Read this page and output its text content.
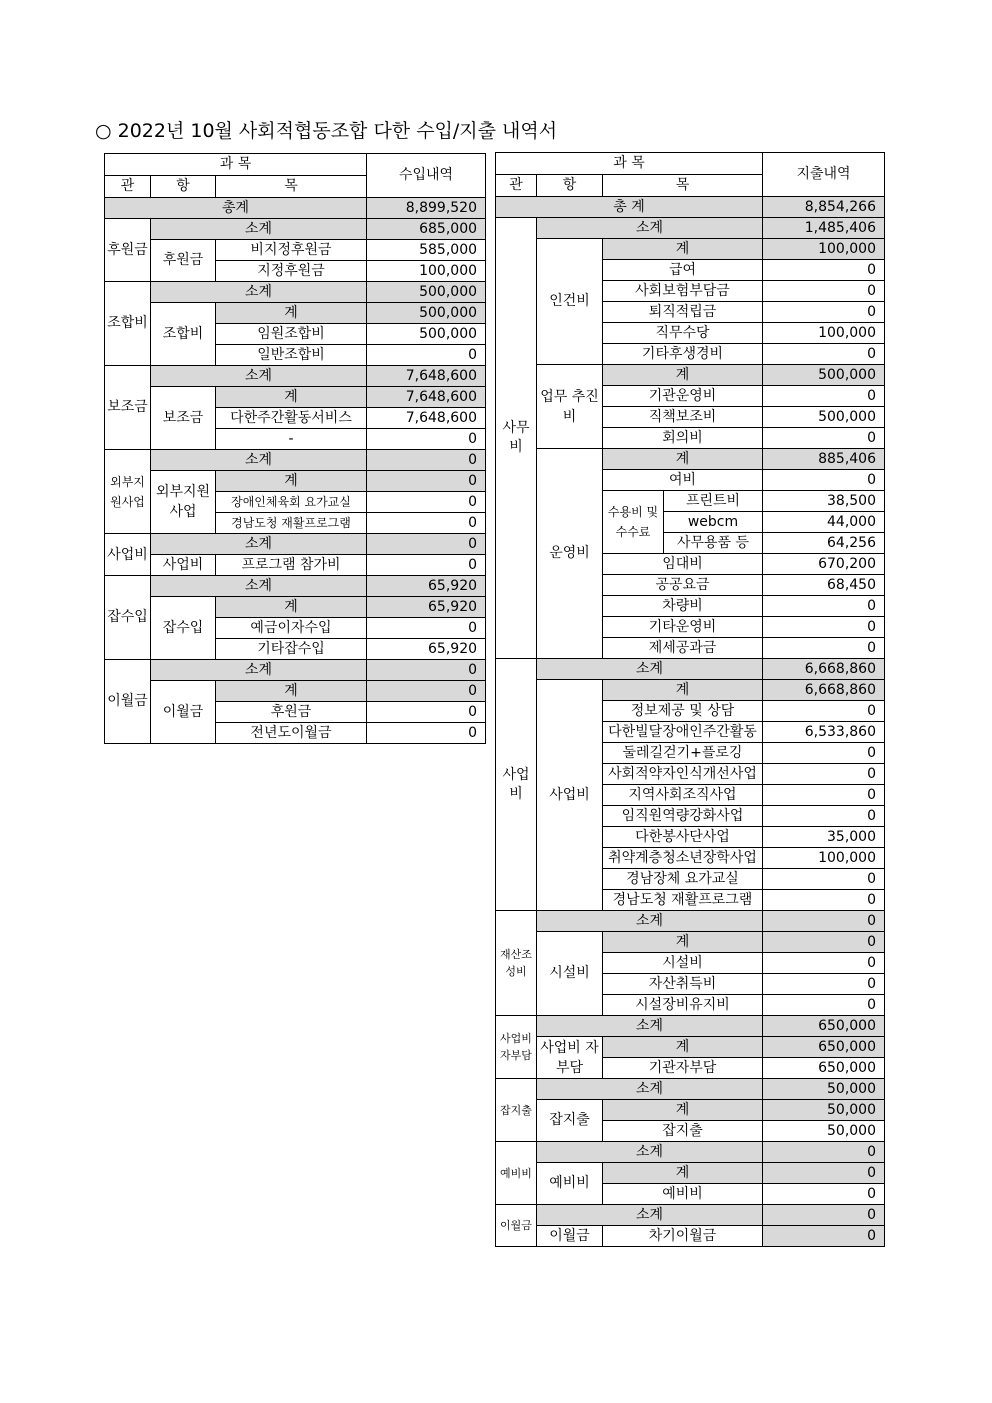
○ 2022년 10월 사회적협동조합 다한 수입/지출 내역서
과 목			수입내역
관	항	목	
총계			8,899,520
후원금	소계		685,000
	후원금	비지정후원금	585,000
		지정후원금	100,000
조합비	소계		500,000
	조합비	계	500,000
		임원조합비	500,000
		일반조합비	0
보조금	소계		7,648,600
	보조금	계	7,648,600
		다한주간활동서비스	7,648,600
		-	0
외부지원사업	소계		0
	외부지원사업	계	0
		장애인체육회 요가교실	0
		경남도청 재활프로그램	0
사업비	소계		0
	사업비	프로그램 참가비	0
잡수입	소계		65,920
	잡수입	계	65,920
		예금이자수입	0
		기타잡수입	65,920
이월금	소계		0
	이월금	계	0
		후원금	0
		전년도이월금	0
과 목				지출내역
관	항	목		
총 계				8,854,266
사무비	소계			1,485,406
	인건비	계		100,000
		급여		0
		사회보험부담금		0
		퇴직적립금		0
		직무수당		100,000
		기타후생경비		0
	업무 추진비	계		500,000
		기관운영비		0
		직책보조비		500,000
		회의비		0
	운영비	계		885,406
		여비		0
		수용비 및 수수료	프린트비	38,500
			webcm	44,000
			사무용품 등	64,256
		임대비		670,200
		공공요금		68,450
		차량비		0
		기타운영비		0
		제세공과금		0
사업비	소계			6,668,860
	사업비	계		6,668,860
		정보제공 및 상담		0
		다한빌달장애인주간활동		6,533,860
		둘레길걷기+플로깅		0
		사회적약자인식개선사업		0
		지역사회조직사업		0
		임직원역량강화사업		0
		다한봉사단사업		35,000
		취약계층청소년장학사업		100,000
		경남장체 요가교실		0
		경남도청 재활프로그램		0
재산조성비	소계			0
	시설비	계		0
		시설비		0
		자산취득비		0
		시설장비유지비		0
사업비자부담	소계			650,000
	사업비 자부담	계		650,000
		기관자부담		650,000
잡지출	소계			50,000
	잡지출	계		50,000
		잡지출		50,000
예비비	소계			0
	예비비	계		0
		예비비		0
이월금	소계			0
	이월금	차기이월금		0
